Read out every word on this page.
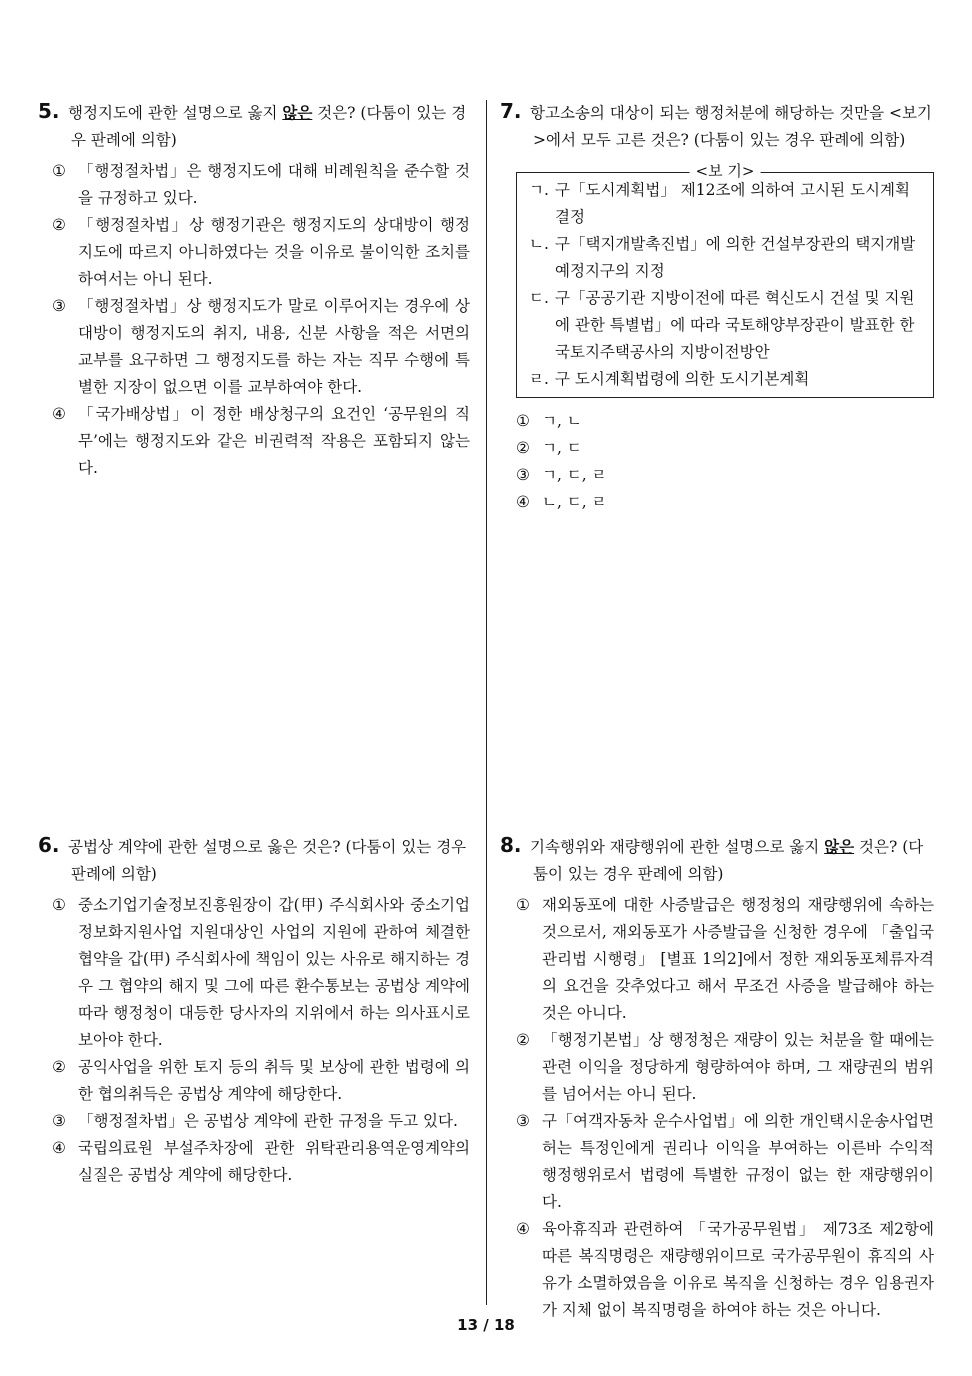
5. 행정지도에 관한 설명으로 옳지 않은 것은? (다툼이 있는 경우 판례에 의함)

① 「행정절차법」은 행정지도에 대해 비례원칙을 준수할 것을 규정하고 있다.

② 「행정절차법」상 행정기관은 행정지도의 상대방이 행정지도에 따르지 아니하였다는 것을 이유로 불이익한 조치를 하여서는 아니 된다.

③ 「행정절차법」상 행정지도가 말로 이루어지는 경우에 상대방이 행정지도의 취지, 내용, 신분 사항을 적은 서면의 교부를 요구하면 그 행정지도를 하는 자는 직무 수행에 특별한 지장이 없으면 이를 교부하여야 한다.

④ 「국가배상법」이 정한 배상청구의 요건인 ‘공무원의 직무’에는 행정지도와 같은 비권력적 작용은 포함되지 않는다.

7. 항고소송의 대상이 되는 행정처분에 해당하는 것만을 <보기>에서 모두 고른 것은? (다툼이 있는 경우 판례에 의함)

<보 기>

ㄱ. 구「도시계획법」 제12조에 의하여 고시된 도시계획결정

ㄴ. 구「택지개발촉진법」에 의한 건설부장관의 택지개발예정지구의 지정

ㄷ. 구「공공기관 지방이전에 따른 혁신도시 건설 및 지원에 관한 특별법」에 따라 국토해양부장관이 발표한 한국토지주택공사의 지방이전방안

ㄹ. 구 도시계획법령에 의한 도시기본계획

① ㄱ, ㄴ

② ㄱ, ㄷ

③ ㄱ, ㄷ, ㄹ

④ ㄴ, ㄷ, ㄹ

6. 공법상 계약에 관한 설명으로 옳은 것은? (다툼이 있는 경우 판례에 의함)

① 중소기업기술정보진흥원장이 갑(甲) 주식회사와 중소기업 정보화지원사업 지원대상인 사업의 지원에 관하여 체결한 협약을 갑(甲) 주식회사에 책임이 있는 사유로 해지하는 경우 그 협약의 해지 및 그에 따른 환수통보는 공법상 계약에 따라 행정청이 대등한 당사자의 지위에서 하는 의사표시로 보아야 한다.

② 공익사업을 위한 토지 등의 취득 및 보상에 관한 법령에 의한 협의취득은 공법상 계약에 해당한다.

③ 「행정절차법」은 공법상 계약에 관한 규정을 두고 있다.

④ 국립의료원 부설주차장에 관한 위탁관리용역운영계약의 실질은 공법상 계약에 해당한다.

8. 기속행위와 재량행위에 관한 설명으로 옳지 않은 것은? (다툼이 있는 경우 판례에 의함)

① 재외동포에 대한 사증발급은 행정청의 재량행위에 속하는 것으로서, 재외동포가 사증발급을 신청한 경우에 「출입국관리법 시행령」 [별표 1의2]에서 정한 재외동포체류자격의 요건을 갖추었다고 해서 무조건 사증을 발급해야 하는 것은 아니다.

② 「행정기본법」상 행정청은 재량이 있는 처분을 할 때에는 관련 이익을 정당하게 형량하여야 하며, 그 재량권의 범위를 넘어서는 아니 된다.

③ 구「여객자동차 운수사업법」에 의한 개인택시운송사업면허는 특정인에게 권리나 이익을 부여하는 이른바 수익적 행정행위로서 법령에 특별한 규정이 없는 한 재량행위이다.

④ 육아휴직과 관련하여 「국가공무원법」 제73조 제2항에 따른 복직명령은 재량행위이므로 국가공무원이 휴직의 사유가 소멸하였음을 이유로 복직을 신청하는 경우 임용권자가 지체 없이 복직명령을 하여야 하는 것은 아니다.

13 / 18
